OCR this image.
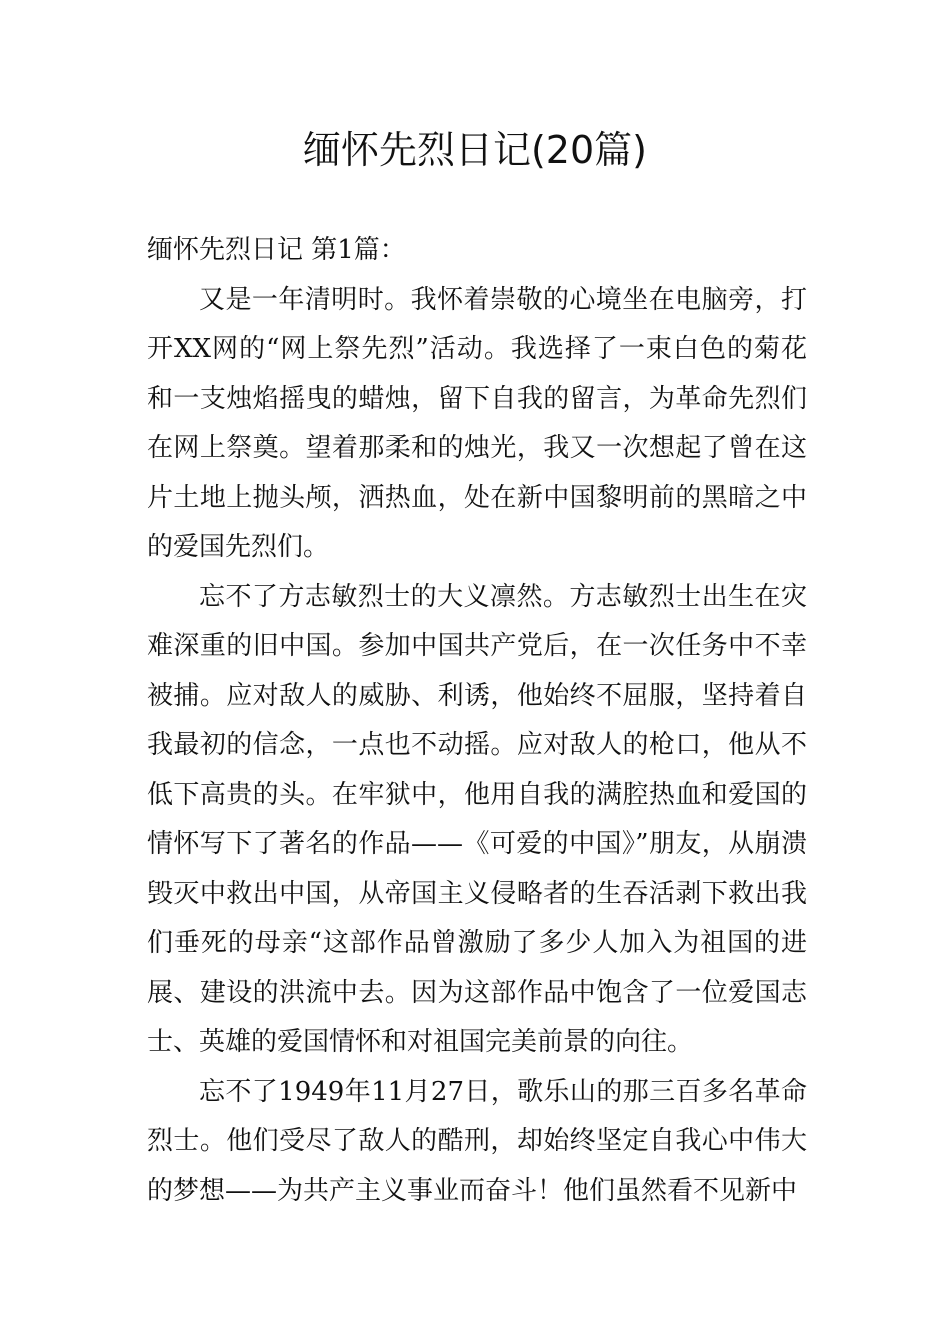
缅怀先烈日记(20篇)

缅怀先烈日记 第1篇：

又是一年清明时。我怀着崇敬的心境坐在电脑旁，打开XX网的“网上祭先烈”活动。我选择了一束白色的菊花和一支烛焰摇曳的蜡烛，留下自我的留言，为革命先烈们在网上祭奠。望着那柔和的烛光，我又一次想起了曾在这片土地上抛头颅，洒热血，处在新中国黎明前的黑暗之中的爱国先烈们。

忘不了方志敏烈士的大义凛然。方志敏烈士出生在灾难深重的旧中国。参加中国共产党后，在一次任务中不幸被捕。应对敌人的威胁、利诱，他始终不屈服，坚持着自我最初的信念，一点也不动摇。应对敌人的枪口，他从不低下高贵的头。在牢狱中，他用自我的满腔热血和爱国的情怀写下了著名的作品——《可爱的中国》”朋友，从崩溃毁灭中救出中国，从帝国主义侵略者的生吞活剥下救出我们垂死的母亲“这部作品曾激励了多少人加入为祖国的进展、建设的洪流中去。因为这部作品中饱含了一位爱国志士、英雄的爱国情怀和对祖国完美前景的向往。

忘不了1949年11月27日，歌乐山的那三百多名革命烈士。他们受尽了敌人的酷刑，却始终坚定自我心中伟大的梦想——为共产主义事业而奋斗！他们虽然看不见新中
